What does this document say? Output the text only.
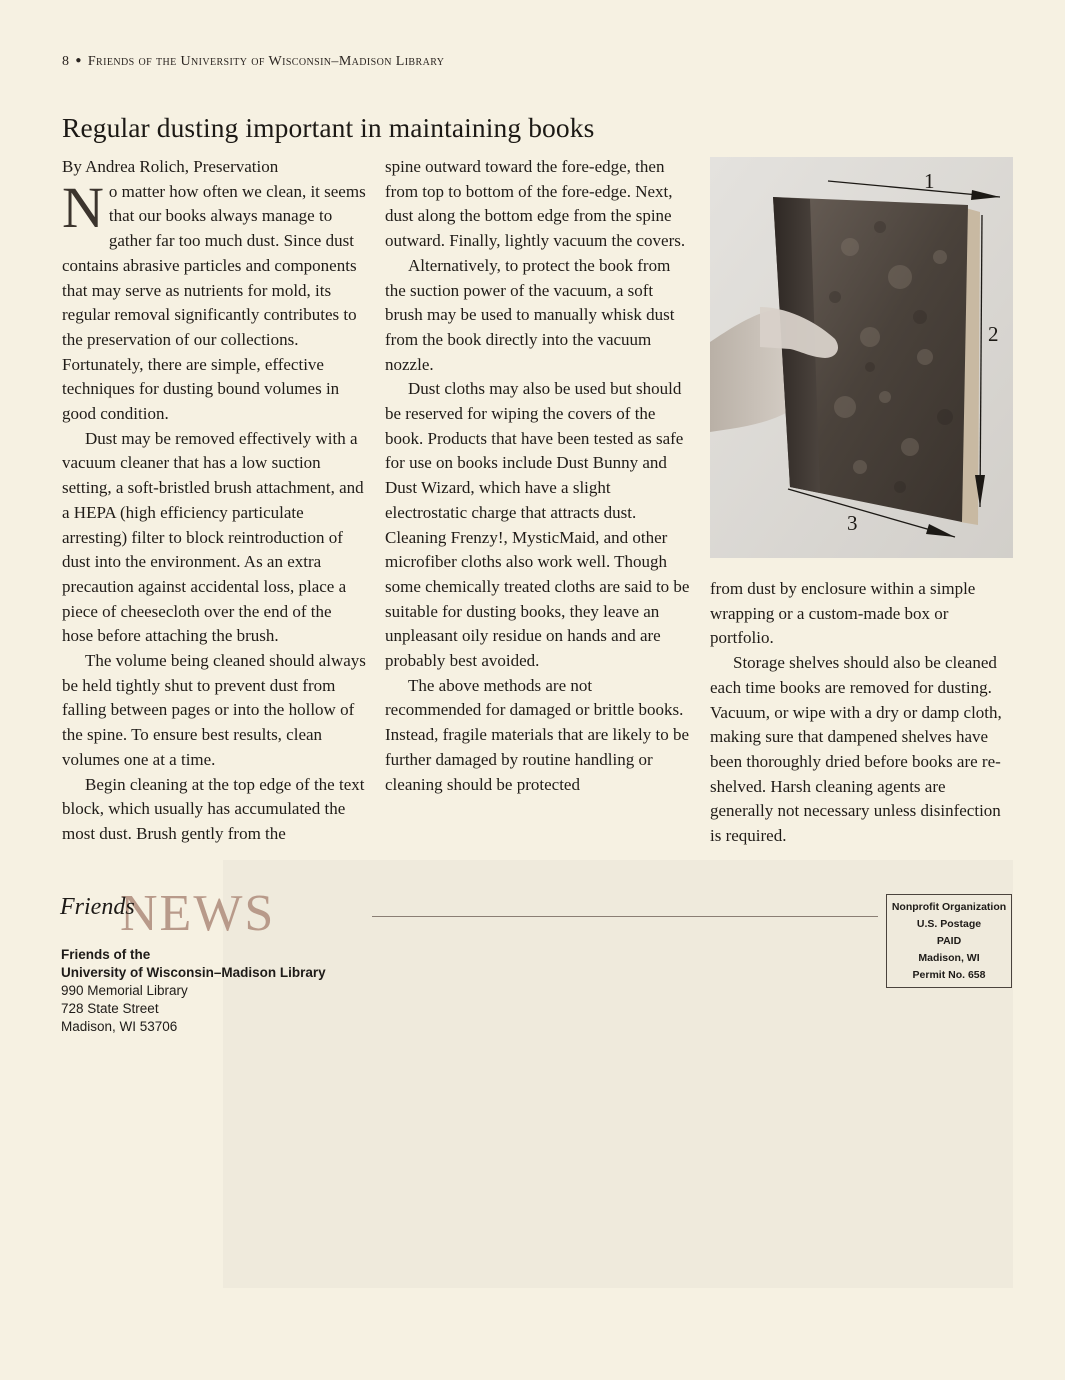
8 ● Friends of the University of Wisconsin–Madison Library
Regular dusting important in maintaining books

By Andrea Rolich, Preservation

No matter how often we clean, it seems that our books always manage to gather far too much dust. Since dust contains abrasive particles and components that may serve as nutrients for mold, its regular removal significantly contributes to the preservation of our collections. Fortunately, there are simple, effective techniques for dusting bound volumes in good condition.

Dust may be removed effectively with a vacuum cleaner that has a low suction setting, a soft-bristled brush attachment, and a HEPA (high efficiency particulate arresting) filter to block reintroduction of dust into the environment. As an extra precaution against accidental loss, place a piece of cheesecloth over the end of the hose before attaching the brush.

The volume being cleaned should always be held tightly shut to prevent dust from falling between pages or into the hollow of the spine. To ensure best results, clean volumes one at a time.

Begin cleaning at the top edge of the text block, which usually has accumulated the most dust. Brush gently from the

spine outward toward the fore-edge, then from top to bottom of the fore-edge. Next, dust along the bottom edge from the spine outward. Finally, lightly vacuum the covers.

Alternatively, to protect the book from the suction power of the vacuum, a soft brush may be used to manually whisk dust from the book directly into the vacuum nozzle.

Dust cloths may also be used but should be reserved for wiping the covers of the book. Products that have been tested as safe for use on books include Dust Bunny and Dust Wizard, which have a slight electrostatic charge that attracts dust. Cleaning Frenzy!, MysticMaid, and other microfiber cloths also work well. Though some chemically treated cloths are said to be suitable for dusting books, they leave an unpleasant oily residue on hands and are probably best avoided.

The above methods are not recommended for damaged or brittle books. Instead, fragile materials that are likely to be further damaged by routine handling or cleaning should be protected

1
2
3

from dust by enclosure within a simple wrapping or a custom-made box or portfolio.

Storage shelves should also be cleaned each time books are removed for dusting. Vacuum, or wipe with a dry or damp cloth, making sure that dampened shelves have been thoroughly dried before books are re-shelved. Harsh cleaning agents are generally not necessary unless disinfection is required.

NEWS
Friends
Friends of the
University of Wisconsin–Madison Library
990 Memorial Library
728 State Street
Madison, WI 53706
Nonprofit Organization
U.S. Postage
PAID
Madison, WI
Permit No. 658
